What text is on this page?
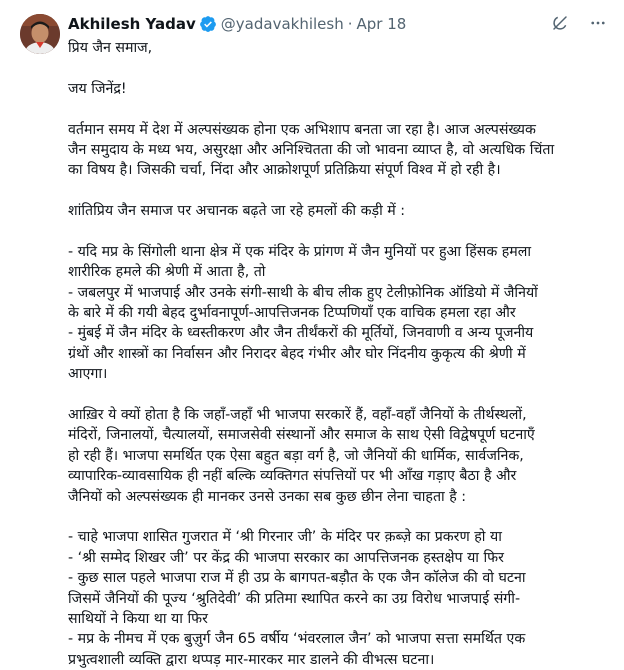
Akhilesh Yadav @yadavakhilesh · Apr 18
प्रिय जैन समाज,
जय जिनेंद्र!
वर्तमान समय में देश में अल्पसंख्यक होना एक अभिशाप बनता जा रहा है। आज अल्पसंख्यक
जैन समुदाय के मध्य भय, असुरक्षा और अनिश्चितता की जो भावना व्याप्त है, वो अत्यधिक चिंता
का विषय है। जिसकी चर्चा, निंदा और आक्रोशपूर्ण प्रतिक्रिया संपूर्ण विश्व में हो रही है।
शांतिप्रिय जैन समाज पर अचानक बढ़ते जा रहे हमलों की कड़ी में :
- यदि मप्र के सिंगोली थाना क्षेत्र में एक मंदिर के प्रांगण में जैन मुनियों पर हुआ हिंसक हमला
शारीरिक हमले की श्रेणी में आता है, तो
- जबलपुर में भाजपाई और उनके संगी-साथी के बीच लीक हुए टेलीफ़ोनिक ऑडियो में जैनियों
के बारे में की गयी बेहद दुर्भावनापूर्ण-आपत्तिजनक टिप्पणियाँ एक वाचिक हमला रहा और
- मुंबई में जैन मंदिर के ध्वस्तीकरण और जैन तीर्थंकरों की मूर्तियों, जिनवाणी व अन्य पूजनीय
ग्रंथों और शास्त्रों का निर्वासन और निरादर बेहद गंभीर और घोर निंदनीय कुकृत्य की श्रेणी में
आएगा।
आख़िर ये क्यों होता है कि जहाँ-जहाँ भी भाजपा सरकारें हैं, वहाँ-वहाँ जैनियों के तीर्थस्थलों,
मंदिरों, जिनालयों, चैत्यालयों, समाजसेवी संस्थानों और समाज के साथ ऐसी विद्वेषपूर्ण घटनाएँ
हो रही हैं। भाजपा समर्थित एक ऐसा बहुत बड़ा वर्ग है, जो जैनियों की धार्मिक, सार्वजनिक,
व्यापारिक-व्यावसायिक ही नहीं बल्कि व्यक्तिगत संपत्तियों पर भी आँख गड़ाए बैठा है और
जैनियों को अल्पसंख्यक ही मानकर उनसे उनका सब कुछ छीन लेना चाहता है :
- चाहे भाजपा शासित गुजरात में ‘श्री गिरनार जी’ के मंदिर पर क़ब्ज़े का प्रकरण हो या
- ‘श्री सम्मेद शिखर जी’ पर केंद्र की भाजपा सरकार का आपत्तिजनक हस्तक्षेप या फिर
- कुछ साल पहले भाजपा राज में ही उप्र के बागपत-बड़ौत के एक जैन कॉलेज की वो घटना
जिसमें जैनियों की पूज्य ‘श्रुतिदेवी’ की प्रतिमा स्थापित करने का उग्र विरोध भाजपाई संगी-
साथियों ने किया था या फिर
- मप्र के नीमच में एक बुज़ुर्ग जैन 65 वर्षीय ‘भंवरलाल जैन’ को भाजपा सत्ता समर्थित एक
प्रभुत्वशाली व्यक्ति द्वारा थप्पड़ मार-मारकर मार डालने की वीभत्स घटना।
